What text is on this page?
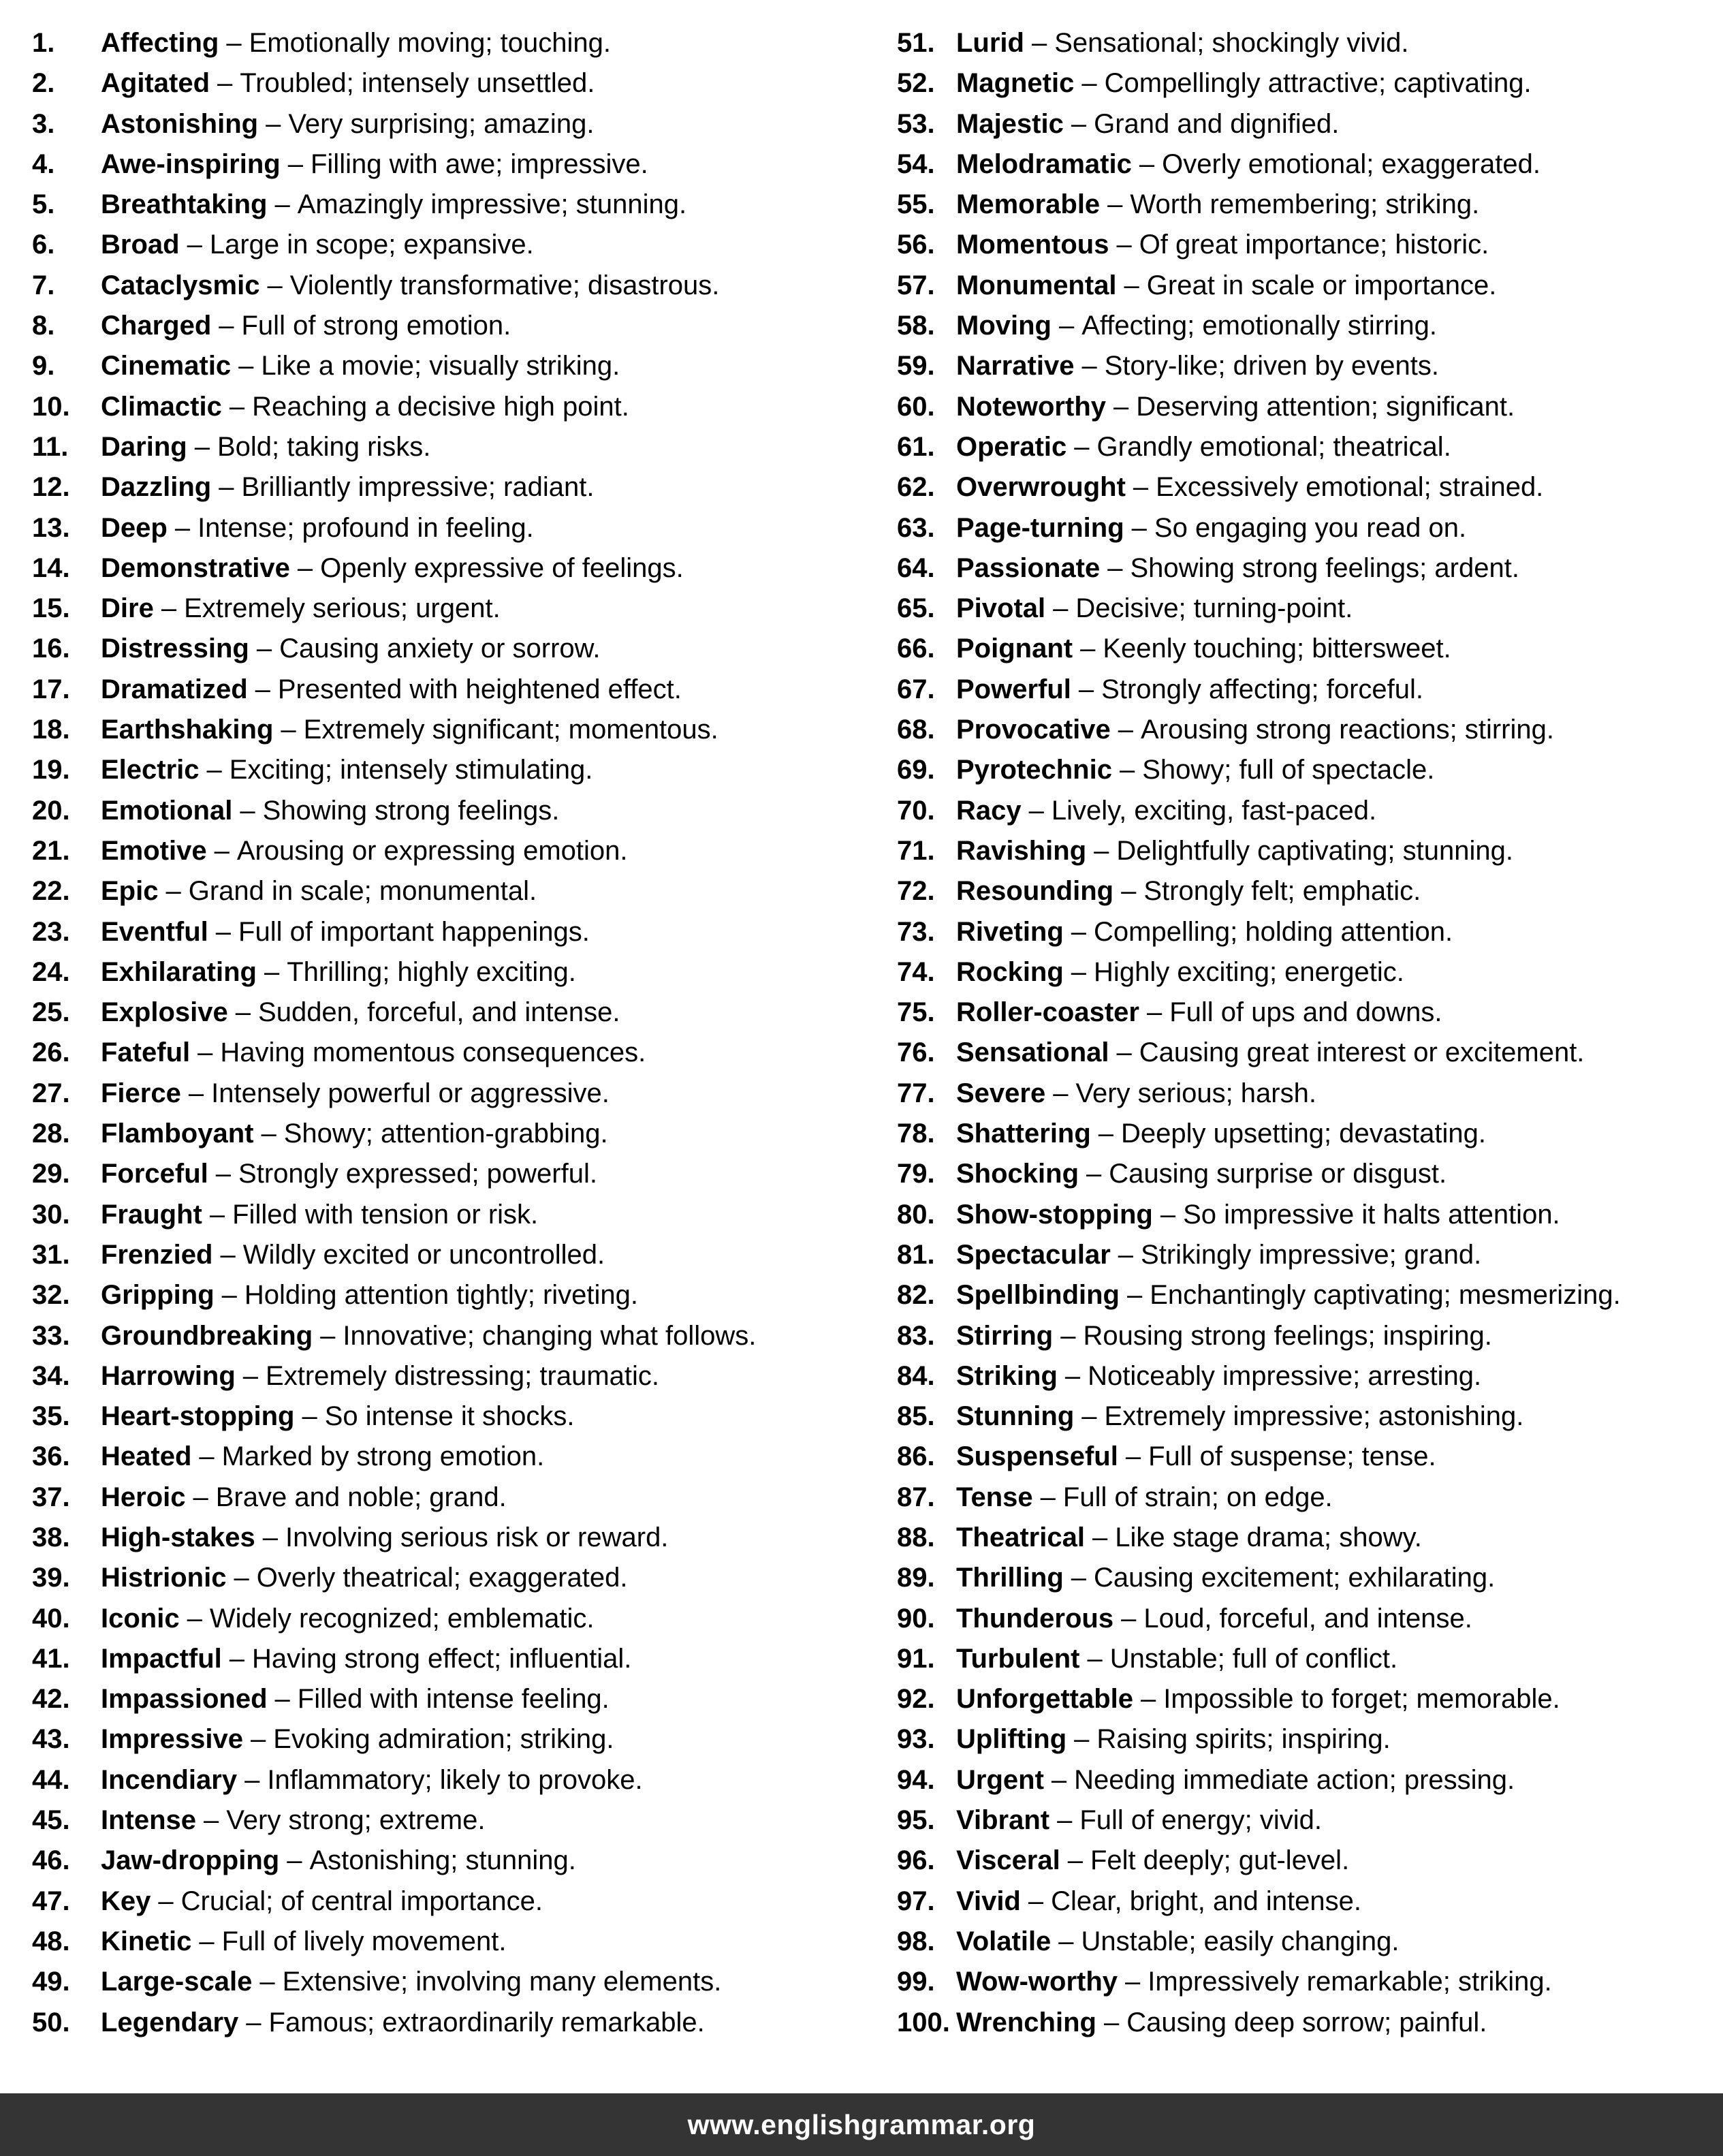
1. Affecting – Emotionally moving; touching.
2. Agitated – Troubled; intensely unsettled.
3. Astonishing – Very surprising; amazing.
4. Awe-inspiring – Filling with awe; impressive.
5. Breathtaking – Amazingly impressive; stunning.
6. Broad – Large in scope; expansive.
7. Cataclysmic – Violently transformative; disastrous.
8. Charged – Full of strong emotion.
9. Cinematic – Like a movie; visually striking.
10. Climactic – Reaching a decisive high point.
11. Daring – Bold; taking risks.
12. Dazzling – Brilliantly impressive; radiant.
13. Deep – Intense; profound in feeling.
14. Demonstrative – Openly expressive of feelings.
15. Dire – Extremely serious; urgent.
16. Distressing – Causing anxiety or sorrow.
17. Dramatized – Presented with heightened effect.
18. Earthshaking – Extremely significant; momentous.
19. Electric – Exciting; intensely stimulating.
20. Emotional – Showing strong feelings.
21. Emotive – Arousing or expressing emotion.
22. Epic – Grand in scale; monumental.
23. Eventful – Full of important happenings.
24. Exhilarating – Thrilling; highly exciting.
25. Explosive – Sudden, forceful, and intense.
26. Fateful – Having momentous consequences.
27. Fierce – Intensely powerful or aggressive.
28. Flamboyant – Showy; attention-grabbing.
29. Forceful – Strongly expressed; powerful.
30. Fraught – Filled with tension or risk.
31. Frenzied – Wildly excited or uncontrolled.
32. Gripping – Holding attention tightly; riveting.
33. Groundbreaking – Innovative; changing what follows.
34. Harrowing – Extremely distressing; traumatic.
35. Heart-stopping – So intense it shocks.
36. Heated – Marked by strong emotion.
37. Heroic – Brave and noble; grand.
38. High-stakes – Involving serious risk or reward.
39. Histrionic – Overly theatrical; exaggerated.
40. Iconic – Widely recognized; emblematic.
41. Impactful – Having strong effect; influential.
42. Impassioned – Filled with intense feeling.
43. Impressive – Evoking admiration; striking.
44. Incendiary – Inflammatory; likely to provoke.
45. Intense – Very strong; extreme.
46. Jaw-dropping – Astonishing; stunning.
47. Key – Crucial; of central importance.
48. Kinetic – Full of lively movement.
49. Large-scale – Extensive; involving many elements.
50. Legendary – Famous; extraordinarily remarkable.
51. Lurid – Sensational; shockingly vivid.
52. Magnetic – Compellingly attractive; captivating.
53. Majestic – Grand and dignified.
54. Melodramatic – Overly emotional; exaggerated.
55. Memorable – Worth remembering; striking.
56. Momentous – Of great importance; historic.
57. Monumental – Great in scale or importance.
58. Moving – Affecting; emotionally stirring.
59. Narrative – Story-like; driven by events.
60. Noteworthy – Deserving attention; significant.
61. Operatic – Grandly emotional; theatrical.
62. Overwrought – Excessively emotional; strained.
63. Page-turning – So engaging you read on.
64. Passionate – Showing strong feelings; ardent.
65. Pivotal – Decisive; turning-point.
66. Poignant – Keenly touching; bittersweet.
67. Powerful – Strongly affecting; forceful.
68. Provocative – Arousing strong reactions; stirring.
69. Pyrotechnic – Showy; full of spectacle.
70. Racy – Lively, exciting, fast-paced.
71. Ravishing – Delightfully captivating; stunning.
72. Resounding – Strongly felt; emphatic.
73. Riveting – Compelling; holding attention.
74. Rocking – Highly exciting; energetic.
75. Roller-coaster – Full of ups and downs.
76. Sensational – Causing great interest or excitement.
77. Severe – Very serious; harsh.
78. Shattering – Deeply upsetting; devastating.
79. Shocking – Causing surprise or disgust.
80. Show-stopping – So impressive it halts attention.
81. Spectacular – Strikingly impressive; grand.
82. Spellbinding – Enchantingly captivating; mesmerizing.
83. Stirring – Rousing strong feelings; inspiring.
84. Striking – Noticeably impressive; arresting.
85. Stunning – Extremely impressive; astonishing.
86. Suspenseful – Full of suspense; tense.
87. Tense – Full of strain; on edge.
88. Theatrical – Like stage drama; showy.
89. Thrilling – Causing excitement; exhilarating.
90. Thunderous – Loud, forceful, and intense.
91. Turbulent – Unstable; full of conflict.
92. Unforgettable – Impossible to forget; memorable.
93. Uplifting – Raising spirits; inspiring.
94. Urgent – Needing immediate action; pressing.
95. Vibrant – Full of energy; vivid.
96. Visceral – Felt deeply; gut-level.
97. Vivid – Clear, bright, and intense.
98. Volatile – Unstable; easily changing.
99. Wow-worthy – Impressively remarkable; striking.
100. Wrenching – Causing deep sorrow; painful.
www.englishgrammar.org
